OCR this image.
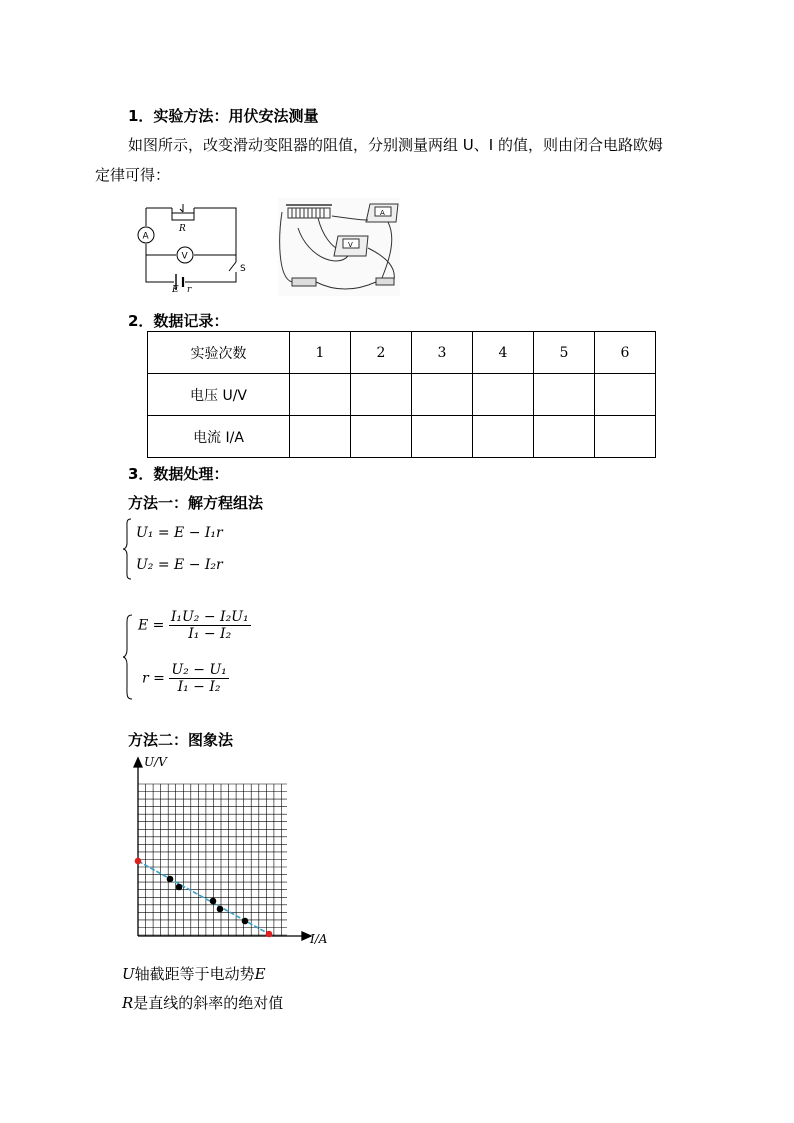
1．实验方法：用伏安法测量
如图所示，改变滑动变阻器的阻值，分别测量两组 U、I 的值，则由闭合电路欧姆
定律可得：
R
A
V
S
E r
A
V
2．数据记录：
实验次数	1	2	3	4	5	6
电压 U/V						
电流 I/A						
3．数据处理：
方法一：解方程组法
U₁ = E − I₁r
U₂ = E − I₂r
$E = \frac{\text{I₁U₂ − I₂U₁}}{\text{I₁ − I₂}}$
$r = \frac{\text{U₂ − U₁}}{\text{I₁ − I₂}}$
方法二：图象法
U/V
I/A
U轴截距等于电动势E
R是直线的斜率的绝对值
